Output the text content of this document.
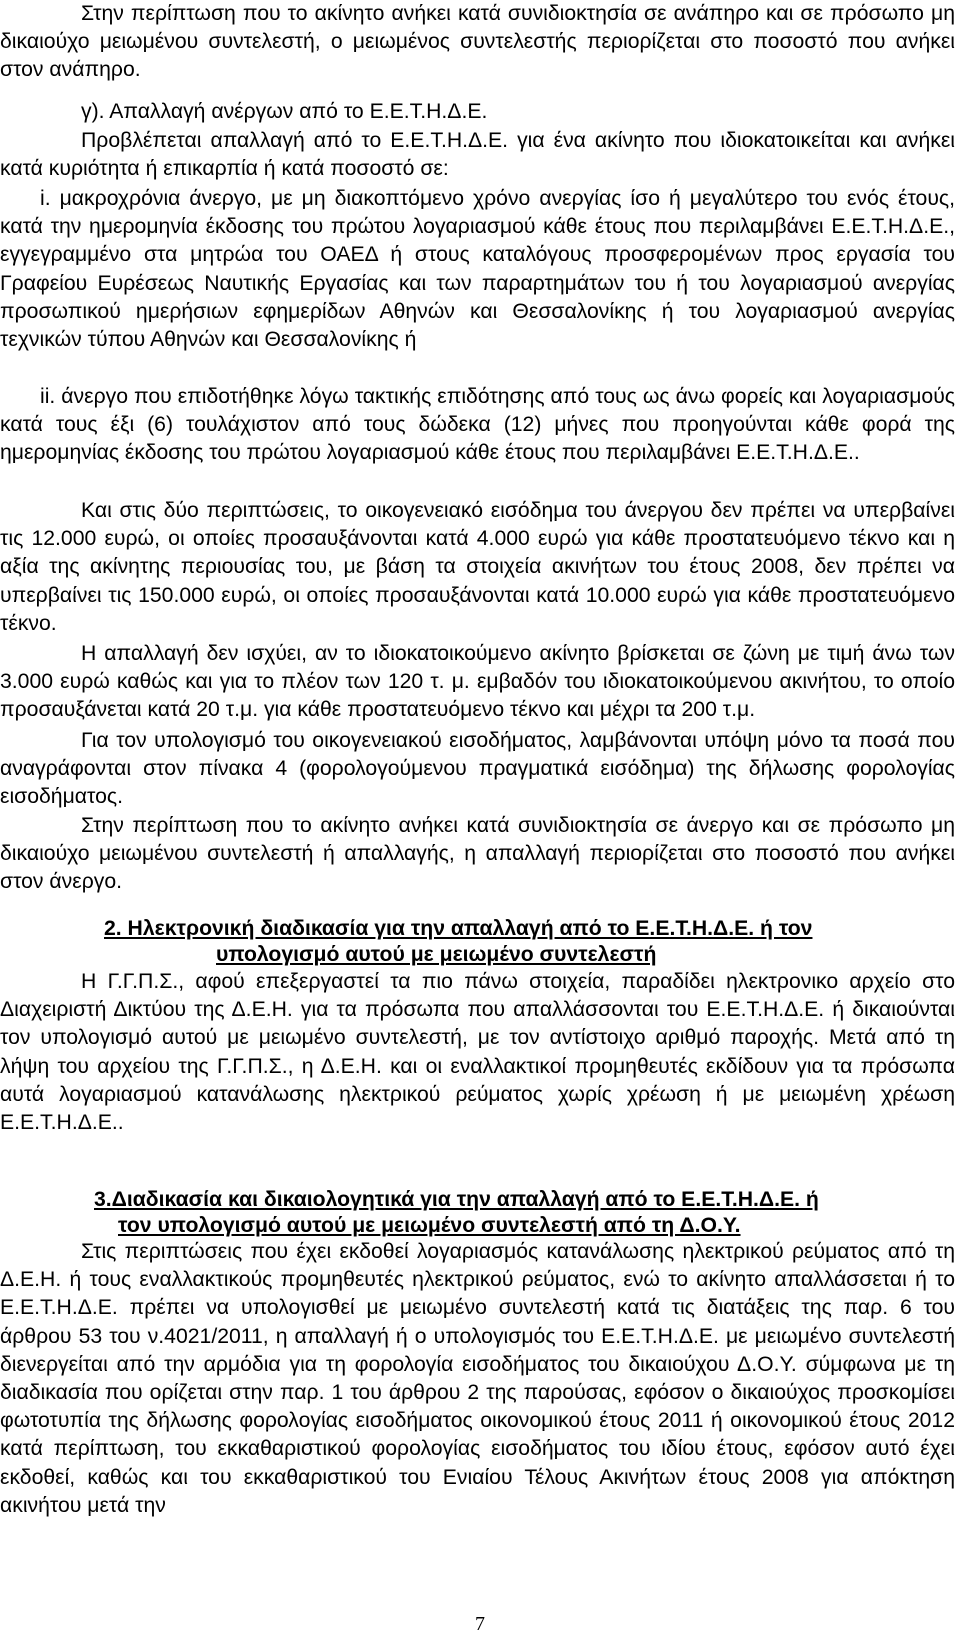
Στην περίπτωση που το ακίνητο ανήκει κατά συνιδιοκτησία σε ανάπηρο και σε πρόσωπο μη δικαιούχο μειωμένου συντελεστή, ο μειωμένος συντελεστής περιορίζεται στο ποσοστό που ανήκει στον ανάπηρο.

γ). Απαλλαγή ανέργων από το Ε.Ε.Τ.Η.Δ.Ε.

Προβλέπεται απαλλαγή από το Ε.Ε.Τ.Η.Δ.Ε. για ένα ακίνητο που ιδιοκατοικείται και ανήκει κατά κυριότητα ή επικαρπία ή κατά ποσοστό σε:

i. μακροχρόνια άνεργο, με μη διακοπτόμενο χρόνο ανεργίας ίσο ή μεγαλύτερο του ενός έτους, κατά την ημερομηνία έκδοσης του πρώτου λογαριασμού κάθε έτους που περιλαμβάνει Ε.Ε.Τ.Η.Δ.Ε., εγγεγραμμένο στα μητρώα του ΟΑΕΔ ή στους καταλόγους προσφερομένων προς εργασία του Γραφείου Ευρέσεως Ναυτικής Εργασίας και των παραρτημάτων του ή του λογαριασμού ανεργίας προσωπικού ημερήσιων εφημερίδων Αθηνών και Θεσσαλονίκης ή του λογαριασμού ανεργίας τεχνικών τύπου Αθηνών και Θεσσαλονίκης ή

ii. άνεργο που επιδοτήθηκε λόγω τακτικής επιδότησης από τους ως άνω φορείς και λογαριασμούς κατά τους έξι (6) τουλάχιστον από τους δώδεκα (12) μήνες που προηγούνται κάθε φορά της ημερομηνίας έκδοσης του πρώτου λογαριασμού κάθε έτους που περιλαμβάνει Ε.Ε.Τ.Η.Δ.Ε..

Και στις δύο περιπτώσεις, το οικογενειακό εισόδημα του άνεργου δεν πρέπει να υπερβαίνει τις 12.000 ευρώ, οι οποίες προσαυξάνονται κατά 4.000 ευρώ για κάθε προστατευόμενο τέκνο και η αξία της ακίνητης περιουσίας του, με βάση τα στοιχεία ακινήτων του έτους 2008, δεν πρέπει να υπερβαίνει τις 150.000 ευρώ, οι οποίες προσαυξάνονται κατά 10.000 ευρώ για κάθε προστατευόμενο τέκνο.

Η απαλλαγή δεν ισχύει, αν το ιδιοκατοικούμενο ακίνητο βρίσκεται σε ζώνη με τιμή άνω των 3.000 ευρώ καθώς και για το πλέον των 120 τ. μ. εμβαδόν του ιδιοκατοικούμενου ακινήτου, το οποίο προσαυξάνεται κατά 20 τ.μ. για κάθε προστατευόμενο τέκνο και μέχρι τα 200 τ.μ.

Για τον υπολογισμό του οικογενειακού εισοδήματος, λαμβάνονται υπόψη μόνο τα ποσά που αναγράφονται στον πίνακα 4 (φορολογούμενου πραγματικά εισόδημα) της δήλωσης φορολογίας εισοδήματος.

Στην περίπτωση που το ακίνητο ανήκει κατά συνιδιοκτησία σε άνεργο και σε πρόσωπο μη δικαιούχο μειωμένου συντελεστή ή απαλλαγής, η απαλλαγή περιορίζεται στο ποσοστό που ανήκει στον άνεργο.

2. Ηλεκτρονική διαδικασία για την απαλλαγή από το Ε.Ε.Τ.Η.Δ.Ε. ή τον
υπολογισμό αυτού με μειωμένο συντελεστή

Η Γ.Γ.Π.Σ., αφού επεξεργαστεί τα πιο πάνω στοιχεία, παραδίδει ηλεκτρονικο αρχείο στο Διαχειριστή Δικτύου της Δ.Ε.Η. για τα πρόσωπα που απαλλάσσονται του Ε.Ε.Τ.Η.Δ.Ε. ή δικαιούνται τον υπολογισμό αυτού με μειωμένο συντελεστή, με τον αντίστοιχο αριθμό παροχής. Μετά από τη λήψη του αρχείου της Γ.Γ.Π.Σ., η Δ.Ε.Η. και οι εναλλακτικοί προμηθευτές εκδίδουν για τα πρόσωπα αυτά λογαριασμού κατανάλωσης ηλεκτρικού ρεύματος χωρίς χρέωση ή με μειωμένη χρέωση Ε.Ε.Τ.Η.Δ.Ε..

3.Διαδικασία και δικαιολογητικά για την απαλλαγή από το Ε.Ε.Τ.Η.Δ.Ε. ή
τον υπολογισμό αυτού με μειωμένο συντελεστή από τη Δ.Ο.Υ.

Στις περιπτώσεις που έχει εκδοθεί λογαριασμός κατανάλωσης ηλεκτρικού ρεύματος από τη Δ.Ε.Η. ή τους εναλλακτικούς προμηθευτές ηλεκτρικού ρεύματος, ενώ το ακίνητο απαλλάσσεται ή το Ε.Ε.Τ.Η.Δ.Ε. πρέπει να υπολογισθεί με μειωμένο συντελεστή κατά τις διατάξεις της παρ. 6 του άρθρου 53 του ν.4021/2011, η απαλλαγή ή ο υπολογισμός του Ε.Ε.Τ.Η.Δ.Ε. με μειωμένο συντελεστή διενεργείται από την αρμόδια για τη φορολογία εισοδήματος του δικαιούχου Δ.Ο.Υ. σύμφωνα με τη διαδικασία που ορίζεται στην παρ. 1 του άρθρου 2 της παρούσας, εφόσον ο δικαιούχος προσκομίσει φωτοτυπία της δήλωσης φορολογίας εισοδήματος οικονομικού έτους 2011 ή οικονομικού έτους 2012 κατά περίπτωση, του εκκαθαριστικού φορολογίας εισοδήματος του ιδίου έτους, εφόσον αυτό έχει εκδοθεί, καθώς και του εκκαθαριστικού του Ενιαίου Τέλους Ακινήτων έτους 2008 για απόκτηση ακινήτου μετά την

7
